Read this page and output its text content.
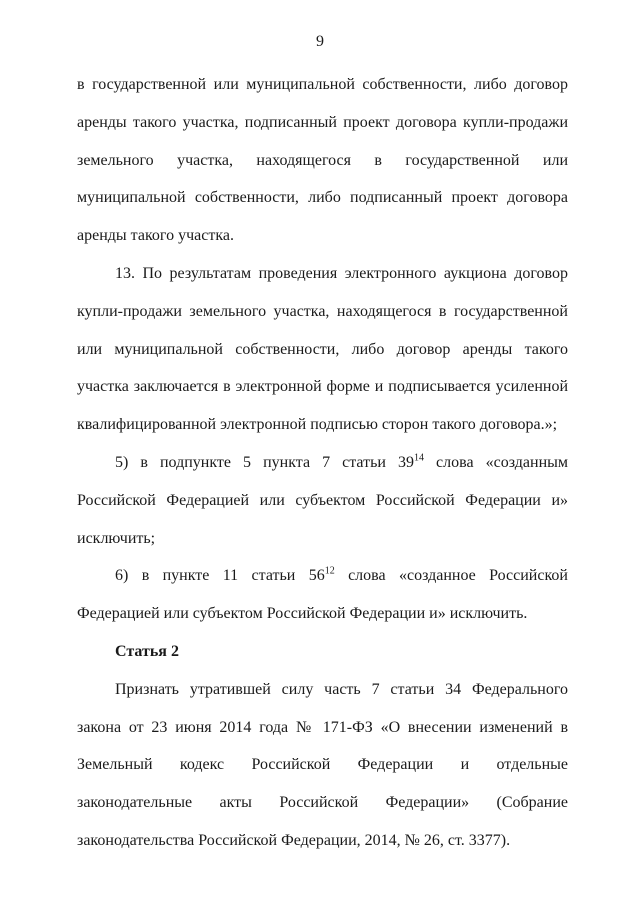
9

в государственной или муниципальной собственности, либо договор аренды такого участка, подписанный проект договора купли-продажи земельного участка, находящегося в государственной или муниципальной собственности, либо подписанный проект договора аренды такого участка.

13. По результатам проведения электронного аукциона договор купли-продажи земельного участка, находящегося в государственной или муниципальной собственности, либо договор аренды такого участка заключается в электронной форме и подписывается усиленной квалифицированной электронной подписью сторон такого договора.»;

5) в подпункте 5 пункта 7 статьи $39^{14}$ слова «созданным Российской Федерацией или субъектом Российской Федерации и» исключить;

6) в пункте 11 статьи $56^{12}$ слова «созданное Российской Федерацией или субъектом Российской Федерации и» исключить.

Статья 2

Признать утратившей силу часть 7 статьи 34 Федерального закона от 23 июня 2014 года № 171-ФЗ «О внесении изменений в Земельный кодекс Российской Федерации и отдельные законодательные акты Российской Федерации» (Собрание законодательства Российской Федерации, 2014, № 26, ст. 3377).
